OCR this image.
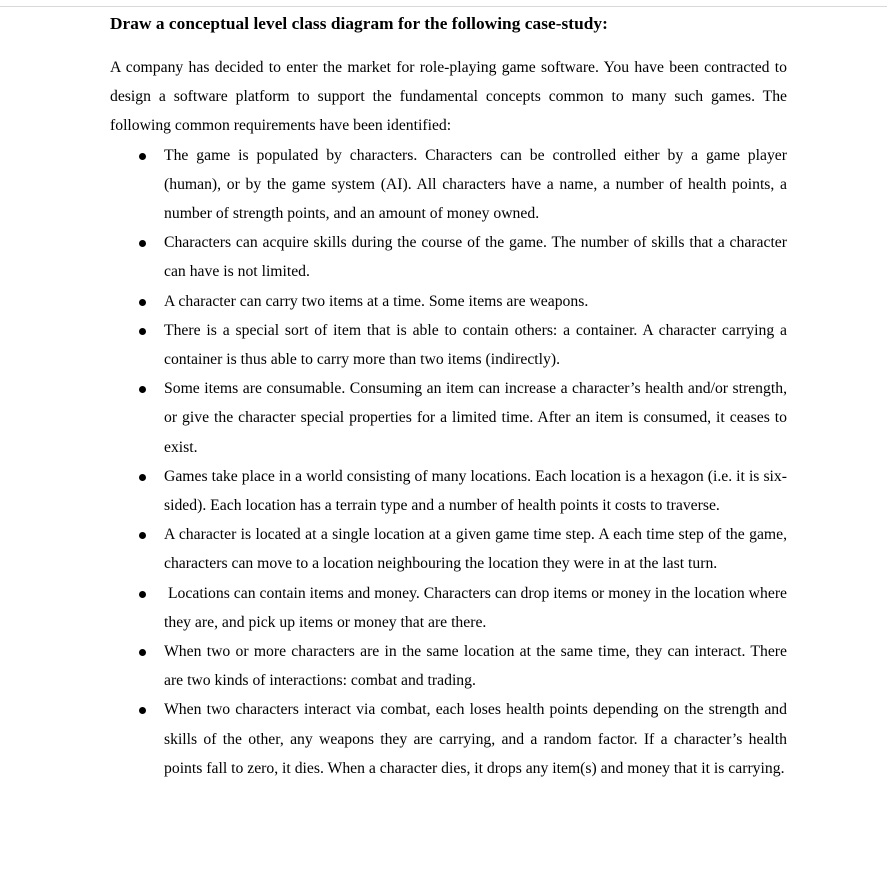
Draw a conceptual level class diagram for the following case-study:

A company has decided to enter the market for role-playing game software. You have been contracted to design a software platform to support the fundamental concepts common to many such games. The following common requirements have been identified:

The game is populated by characters. Characters can be controlled either by a game player (human), or by the game system (AI). All characters have a name, a number of health points, a number of strength points, and an amount of money owned.
Characters can acquire skills during the course of the game. The number of skills that a character can have is not limited.
A character can carry two items at a time. Some items are weapons.
There is a special sort of item that is able to contain others: a container. A character carrying a container is thus able to carry more than two items (indirectly).
Some items are consumable. Consuming an item can increase a character’s health and/or strength, or give the character special properties for a limited time. After an item is consumed, it ceases to exist.
Games take place in a world consisting of many locations. Each location is a hexagon (i.e. it is six-sided). Each location has a terrain type and a number of health points it costs to traverse.
A character is located at a single location at a given game time step. A each time step of the game, characters can move to a location neighbouring the location they were in at the last turn.
Locations can contain items and money. Characters can drop items or money in the location where they are, and pick up items or money that are there.
When two or more characters are in the same location at the same time, they can interact. There are two kinds of interactions: combat and trading.
When two characters interact via combat, each loses health points depending on the strength and skills of the other, any weapons they are carrying, and a random factor. If a character’s health points fall to zero, it dies. When a character dies, it drops any item(s) and money that it is carrying.
